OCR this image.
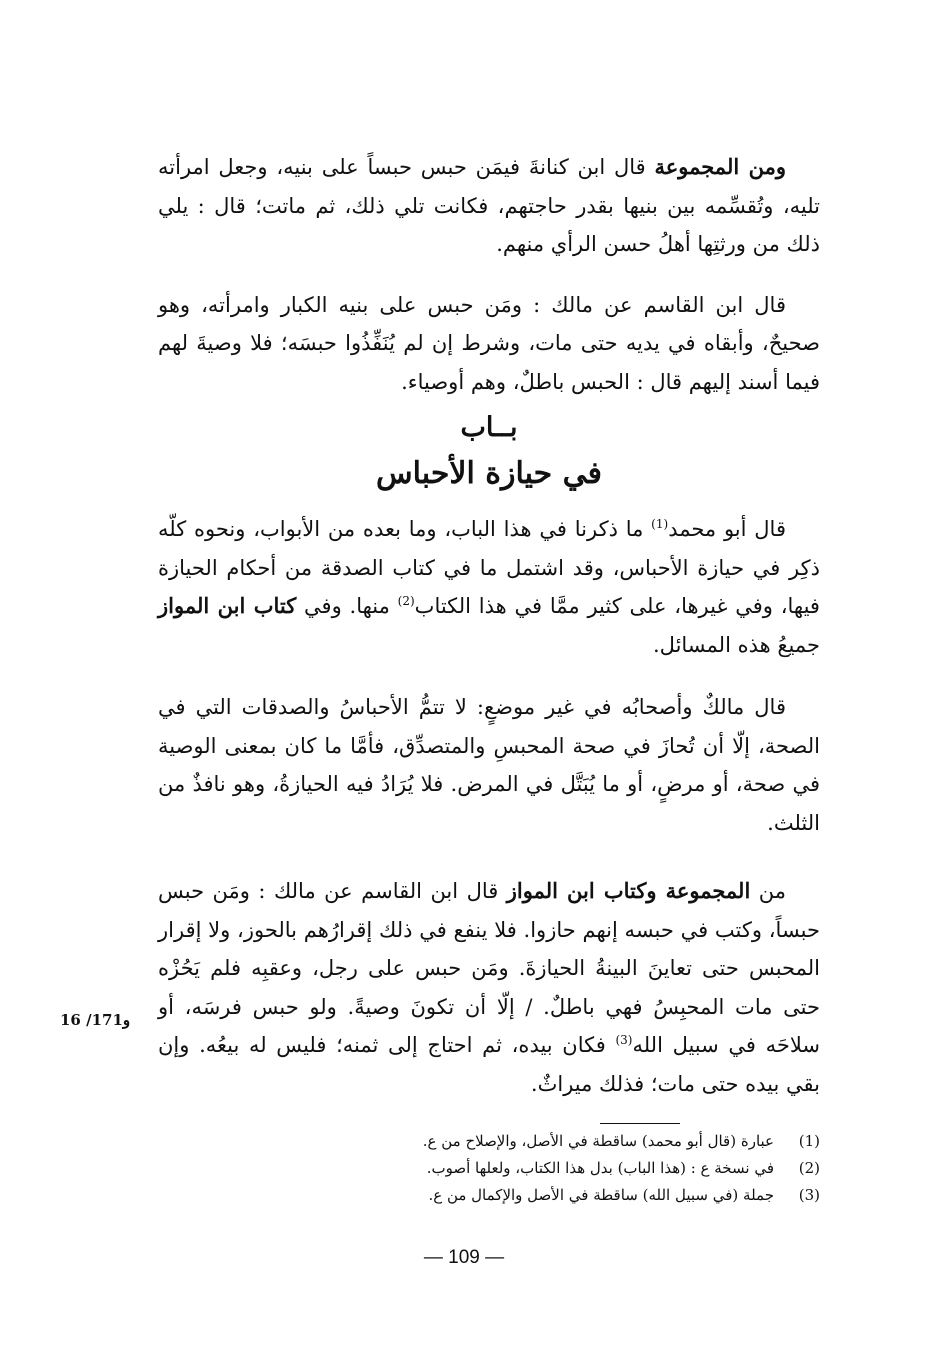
ومن المجموعة قال ابن كنانةَ فيمَن حبس حبساً على بنيه، وجعل امرأته تليه، وتُقسِّمه بين بنيها بقدر حاجتهم، فكانت تلي ذلك، ثم ماتت؛ قال : يلي ذلك من ورثتِها أهلُ حسن الرأي منهم.

قال ابن القاسم عن مالك : ومَن حبس على بنيه الكبار وامرأته، وهو صحيحٌ، وأبقاه في يديه حتى مات، وشرط إن لم يُنَفِّذُوا حبسَه؛ فلا وصيةَ لهم فيما أسند إليهم قال : الحبس باطلٌ، وهم أوصياء.

بــاب
في حيازة الأحباس

قال أبو محمد$^{(1)}$ ما ذكرنا في هذا الباب، وما بعده من الأبواب، ونحوه كلّه ذكِر في حيازة الأحباس، وقد اشتمل ما في كتاب الصدقة من أحكام الحيازة فيها، وفي غيرها، على كثير ممَّا في هذا الكتاب$^{(2)}$ منها. وفي كتاب ابن المواز جميعُ هذه المسائل.

قال مالكٌ وأصحابُه في غير موضعٍ: لا تتمُّ الأحباسُ والصدقات التي في الصحة، إلّا أن تُحازَ في صحة المحبسِ والمتصدِّق، فأمَّا ما كان بمعنى الوصية في صحة، أو مرضٍ، أو ما يُبَتَّل في المرض. فلا يُرَادُ فيه الحيازةُ، وهو نافذٌ من الثلث.

من المجموعة وكتاب ابن المواز قال ابن القاسم عن مالك : ومَن حبس حبساً، وكتب في حبسه إنهم حازوا. فلا ينفع في ذلك إقرارُهم بالحوز، ولا إقرار المحبس حتى تعاينَ البينةُ الحيازةَ. ومَن حبس على رجل، وعقبِه فلم يَحُزْه حتى مات المحبِسُ فهي باطلٌ. / إلّا أن تكونَ وصيةً. ولو حبس فرسَه، أو سلاحَه في سبيل الله$^{(3)}$ فكان بيده، ثم احتاج إلى ثمنه؛ فليس له بيعُه. وإن بقي بيده حتى مات؛ فذلك ميراثٌ.

16 /171و
(1)
عبارة (قال أبو محمد) ساقطة في الأصل، والإصلاح من ع.
(2)
في نسخة ع : (هذا الباب) بدل هذا الكتاب، ولعلها أصوب.
(3)
جملة (في سبيل الله) ساقطة في الأصل والإكمال من ع.
— 109 —
